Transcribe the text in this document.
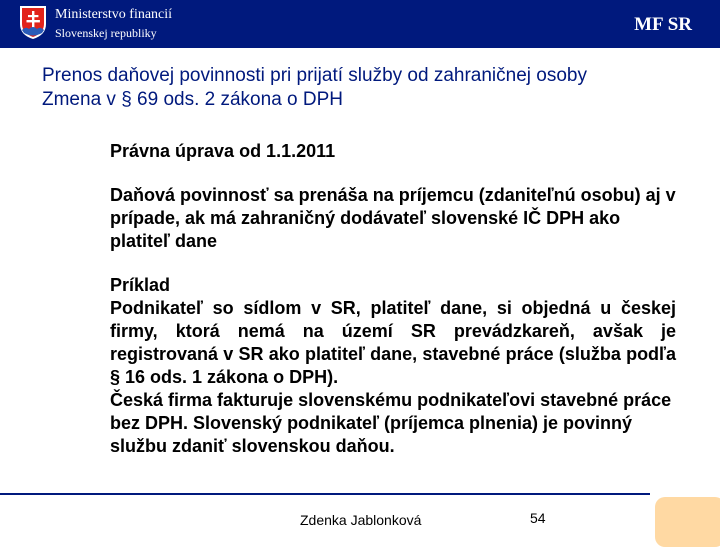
Ministerstvo financií
Slovenskej republiky	MF SR
Prenos daňovej povinnosti pri prijatí služby od zahraničnej osoby
Zmena v § 69 ods. 2 zákona o DPH

Právna úprava od 1.1.2011

Daňová povinnosť sa prenáša na príjemcu (zdaniteľnú osobu) aj v prípade, ak má zahraničný dodávateľ slovenské IČ DPH ako platiteľ dane

Príklad

Podnikateľ so sídlom v SR, platiteľ dane, si objedná u českej firmy, ktorá nemá na území SR prevádzkareň, avšak je registrovaná v SR ako platiteľ dane, stavebné práce (služba podľa § 16 ods. 1 zákona o DPH).

Česká firma fakturuje slovenskému podnikateľovi stavebné práce bez DPH. Slovenský podnikateľ (príjemca plnenia) je povinný službu zdaniť slovenskou daňou.

Zdenka Jablonková	54
